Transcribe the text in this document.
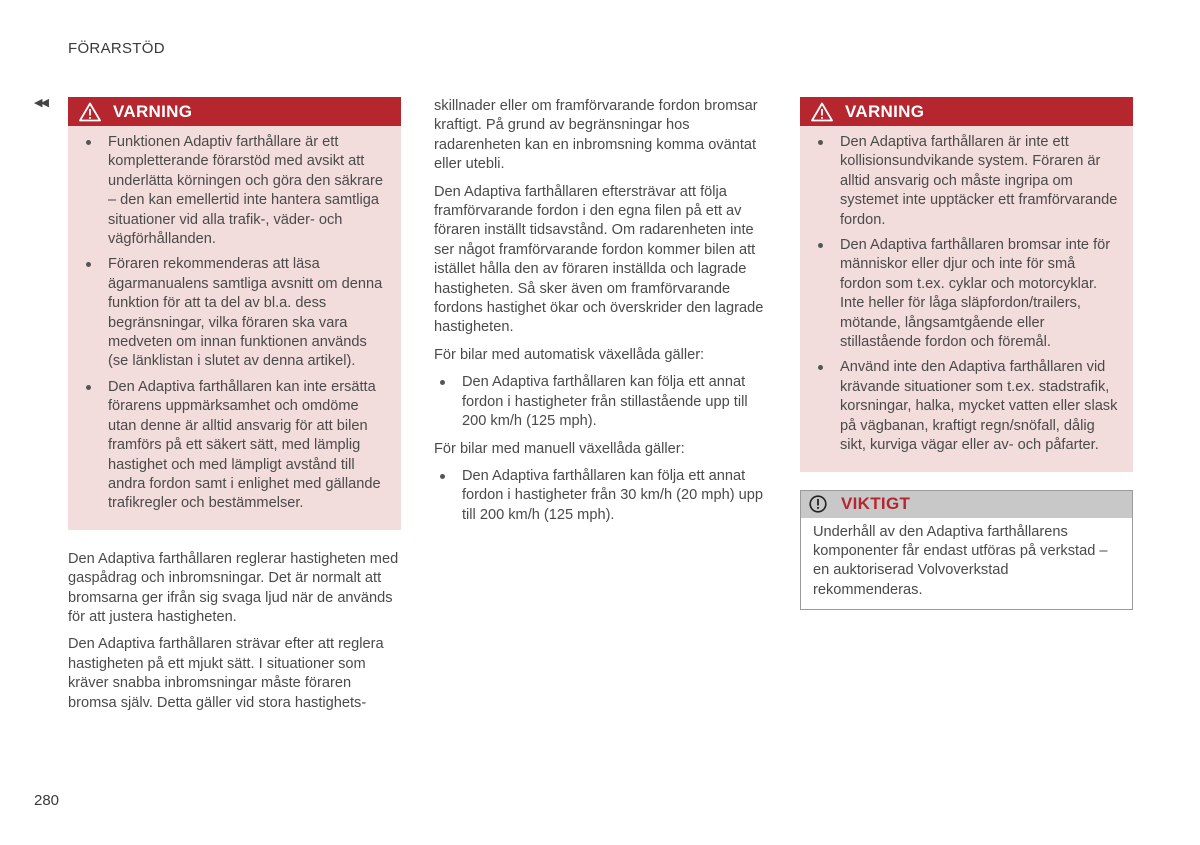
FÖRARSTÖD
◀◀	VARNING
Funktionen Adaptiv farthållare är ett kompletterande förarstöd med avsikt att underlätta körningen och göra den säkrare – den kan emellertid inte hantera samtliga situationer vid alla trafik-, väder- och vägförhållanden.
Föraren rekommenderas att läsa ägarmanualens samtliga avsnitt om denna funktion för att ta del av bl.a. dess begränsningar, vilka föraren ska vara medveten om innan funktionen används (se länklistan i slutet av denna artikel).
Den Adaptiva farthållaren kan inte ersätta förarens uppmärksamhet och omdöme utan denne är alltid ansvarig för att bilen framförs på ett säkert sätt, med lämplig hastighet och med lämpligt avstånd till andra fordon samt i enlighet med gällande trafikregler och bestämmelser.

Den Adaptiva farthållaren reglerar hastigheten med gaspådrag och inbromsningar. Det är normalt att bromsarna ger ifrån sig svaga ljud när de används för att justera hastigheten.

Den Adaptiva farthållaren strävar efter att reglera hastigheten på ett mjukt sätt. I situationer som kräver snabba inbromsningar måste föraren bromsa själv. Detta gäller vid stora hastighets-

skillnader eller om framförvarande fordon bromsar kraftigt. På grund av begränsningar hos radarenheten kan en inbromsning komma oväntat eller utebli.

Den Adaptiva farthållaren eftersträvar att följa framförvarande fordon i den egna filen på ett av föraren inställt tidsavstånd. Om radarenheten inte ser något framförvarande fordon kommer bilen att istället hålla den av föraren inställda och lagrade hastigheten. Så sker även om framförvarande fordons hastighet ökar och överskrider den lagrade hastigheten.

För bilar med automatisk växellåda gäller:

Den Adaptiva farthållaren kan följa ett annat fordon i hastigheter från stillastående upp till 200 km/h (125 mph).

För bilar med manuell växellåda gäller:

Den Adaptiva farthållaren kan följa ett annat fordon i hastigheter från 30 km/h (20 mph) upp till 200 km/h (125 mph).
VARNING
Den Adaptiva farthållaren är inte ett kollisionsundvikande system. Föraren är alltid ansvarig och måste ingripa om systemet inte upptäcker ett framförvarande fordon.
Den Adaptiva farthållaren bromsar inte för människor eller djur och inte för små fordon som t.ex. cyklar och motorcyklar. Inte heller för låga släpfordon/trailers, mötande, långsamtgående eller stillastående fordon och föremål.
Använd inte den Adaptiva farthållaren vid krävande situationer som t.ex. stadstrafik, korsningar, halka, mycket vatten eller slask på vägbanan, kraftigt regn/snöfall, dålig sikt, kurviga vägar eller av- och påfarter.
VIKTIGT
Underhåll av den Adaptiva farthållarens komponenter får endast utföras på verkstad – en auktoriserad Volvoverkstad rekommenderas.
280
